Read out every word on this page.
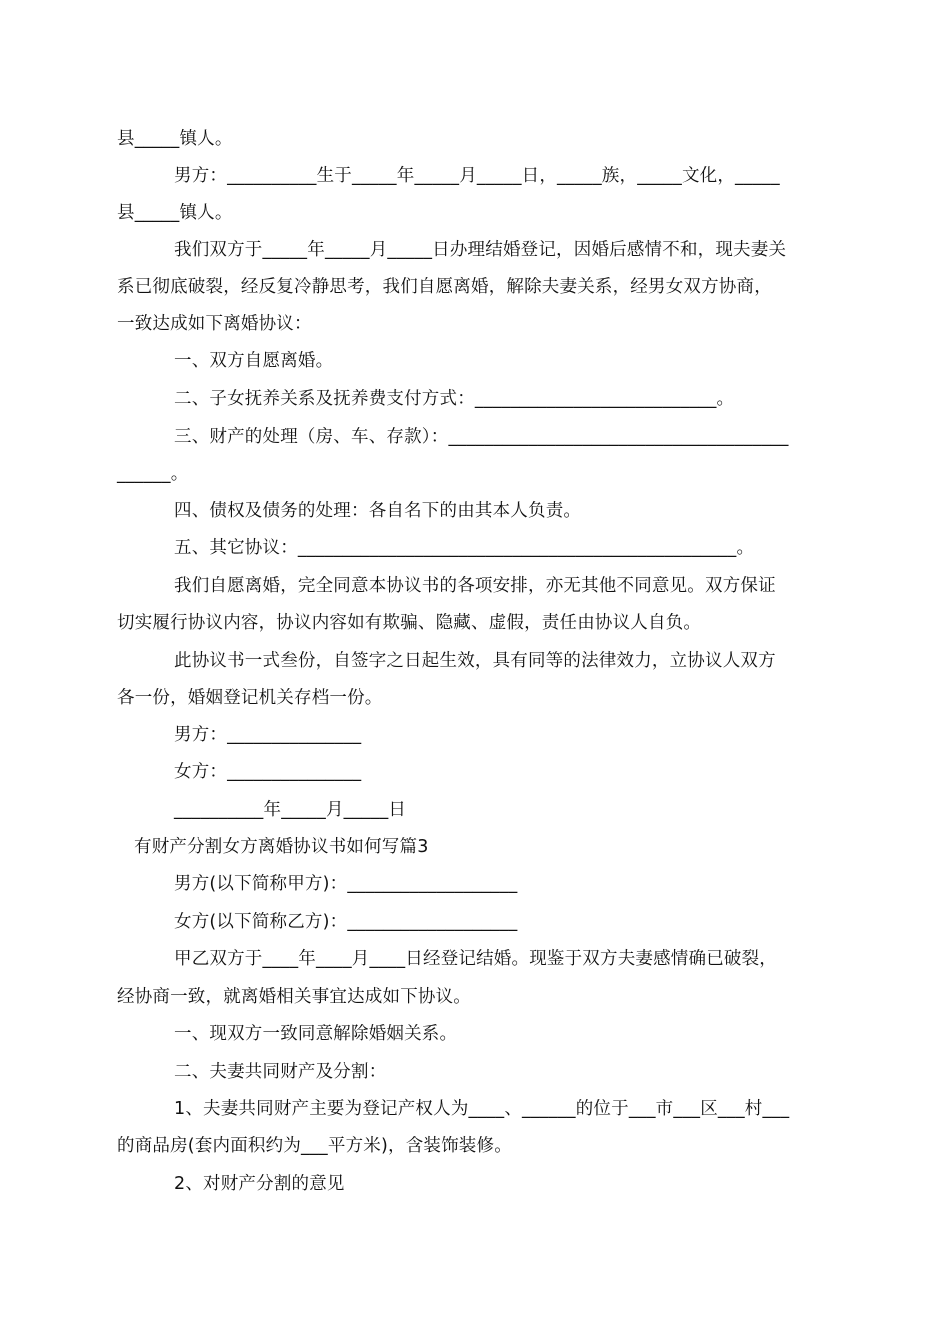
县_____镇人。
男方：__________生于_____年_____月_____日，_____族，_____文化，_____
县_____镇人。
我们双方于_____年_____月_____日办理结婚登记，因婚后感情不和，现夫妻关
系已彻底破裂，经反复冷静思考，我们自愿离婚，解除夫妻关系，经男女双方协商，
一致达成如下离婚协议：
一、双方自愿离婚。
二、子女抚养关系及抚养费支付方式：___________________________。
三、财产的处理（房、车、存款）：______________________________________
______。
四、债权及债务的处理：各自名下的由其本人负责。
五、其它协议：_________________________________________________。
我们自愿离婚，完全同意本协议书的各项安排，亦无其他不同意见。双方保证
切实履行协议内容，协议内容如有欺骗、隐藏、虚假，责任由协议人自负。
此协议书一式叁份，自签字之日起生效，具有同等的法律效力，立协议人双方
各一份，婚姻登记机关存档一份。
男方：_______________
女方：_______________
__________年_____月_____日
有财产分割女方离婚协议书如何写篇3
男方(以下简称甲方)：___________________
女方(以下简称乙方)：___________________
甲乙双方于____年____月____日经登记结婚。现鉴于双方夫妻感情确已破裂，
经协商一致，就离婚相关事宜达成如下协议。
一、现双方一致同意解除婚姻关系。
二、夫妻共同财产及分割：
1、夫妻共同财产主要为登记产权人为____、______的位于___市___区___村___
的商品房(套内面积约为___平方米)，含装饰装修。
2、对财产分割的意见
